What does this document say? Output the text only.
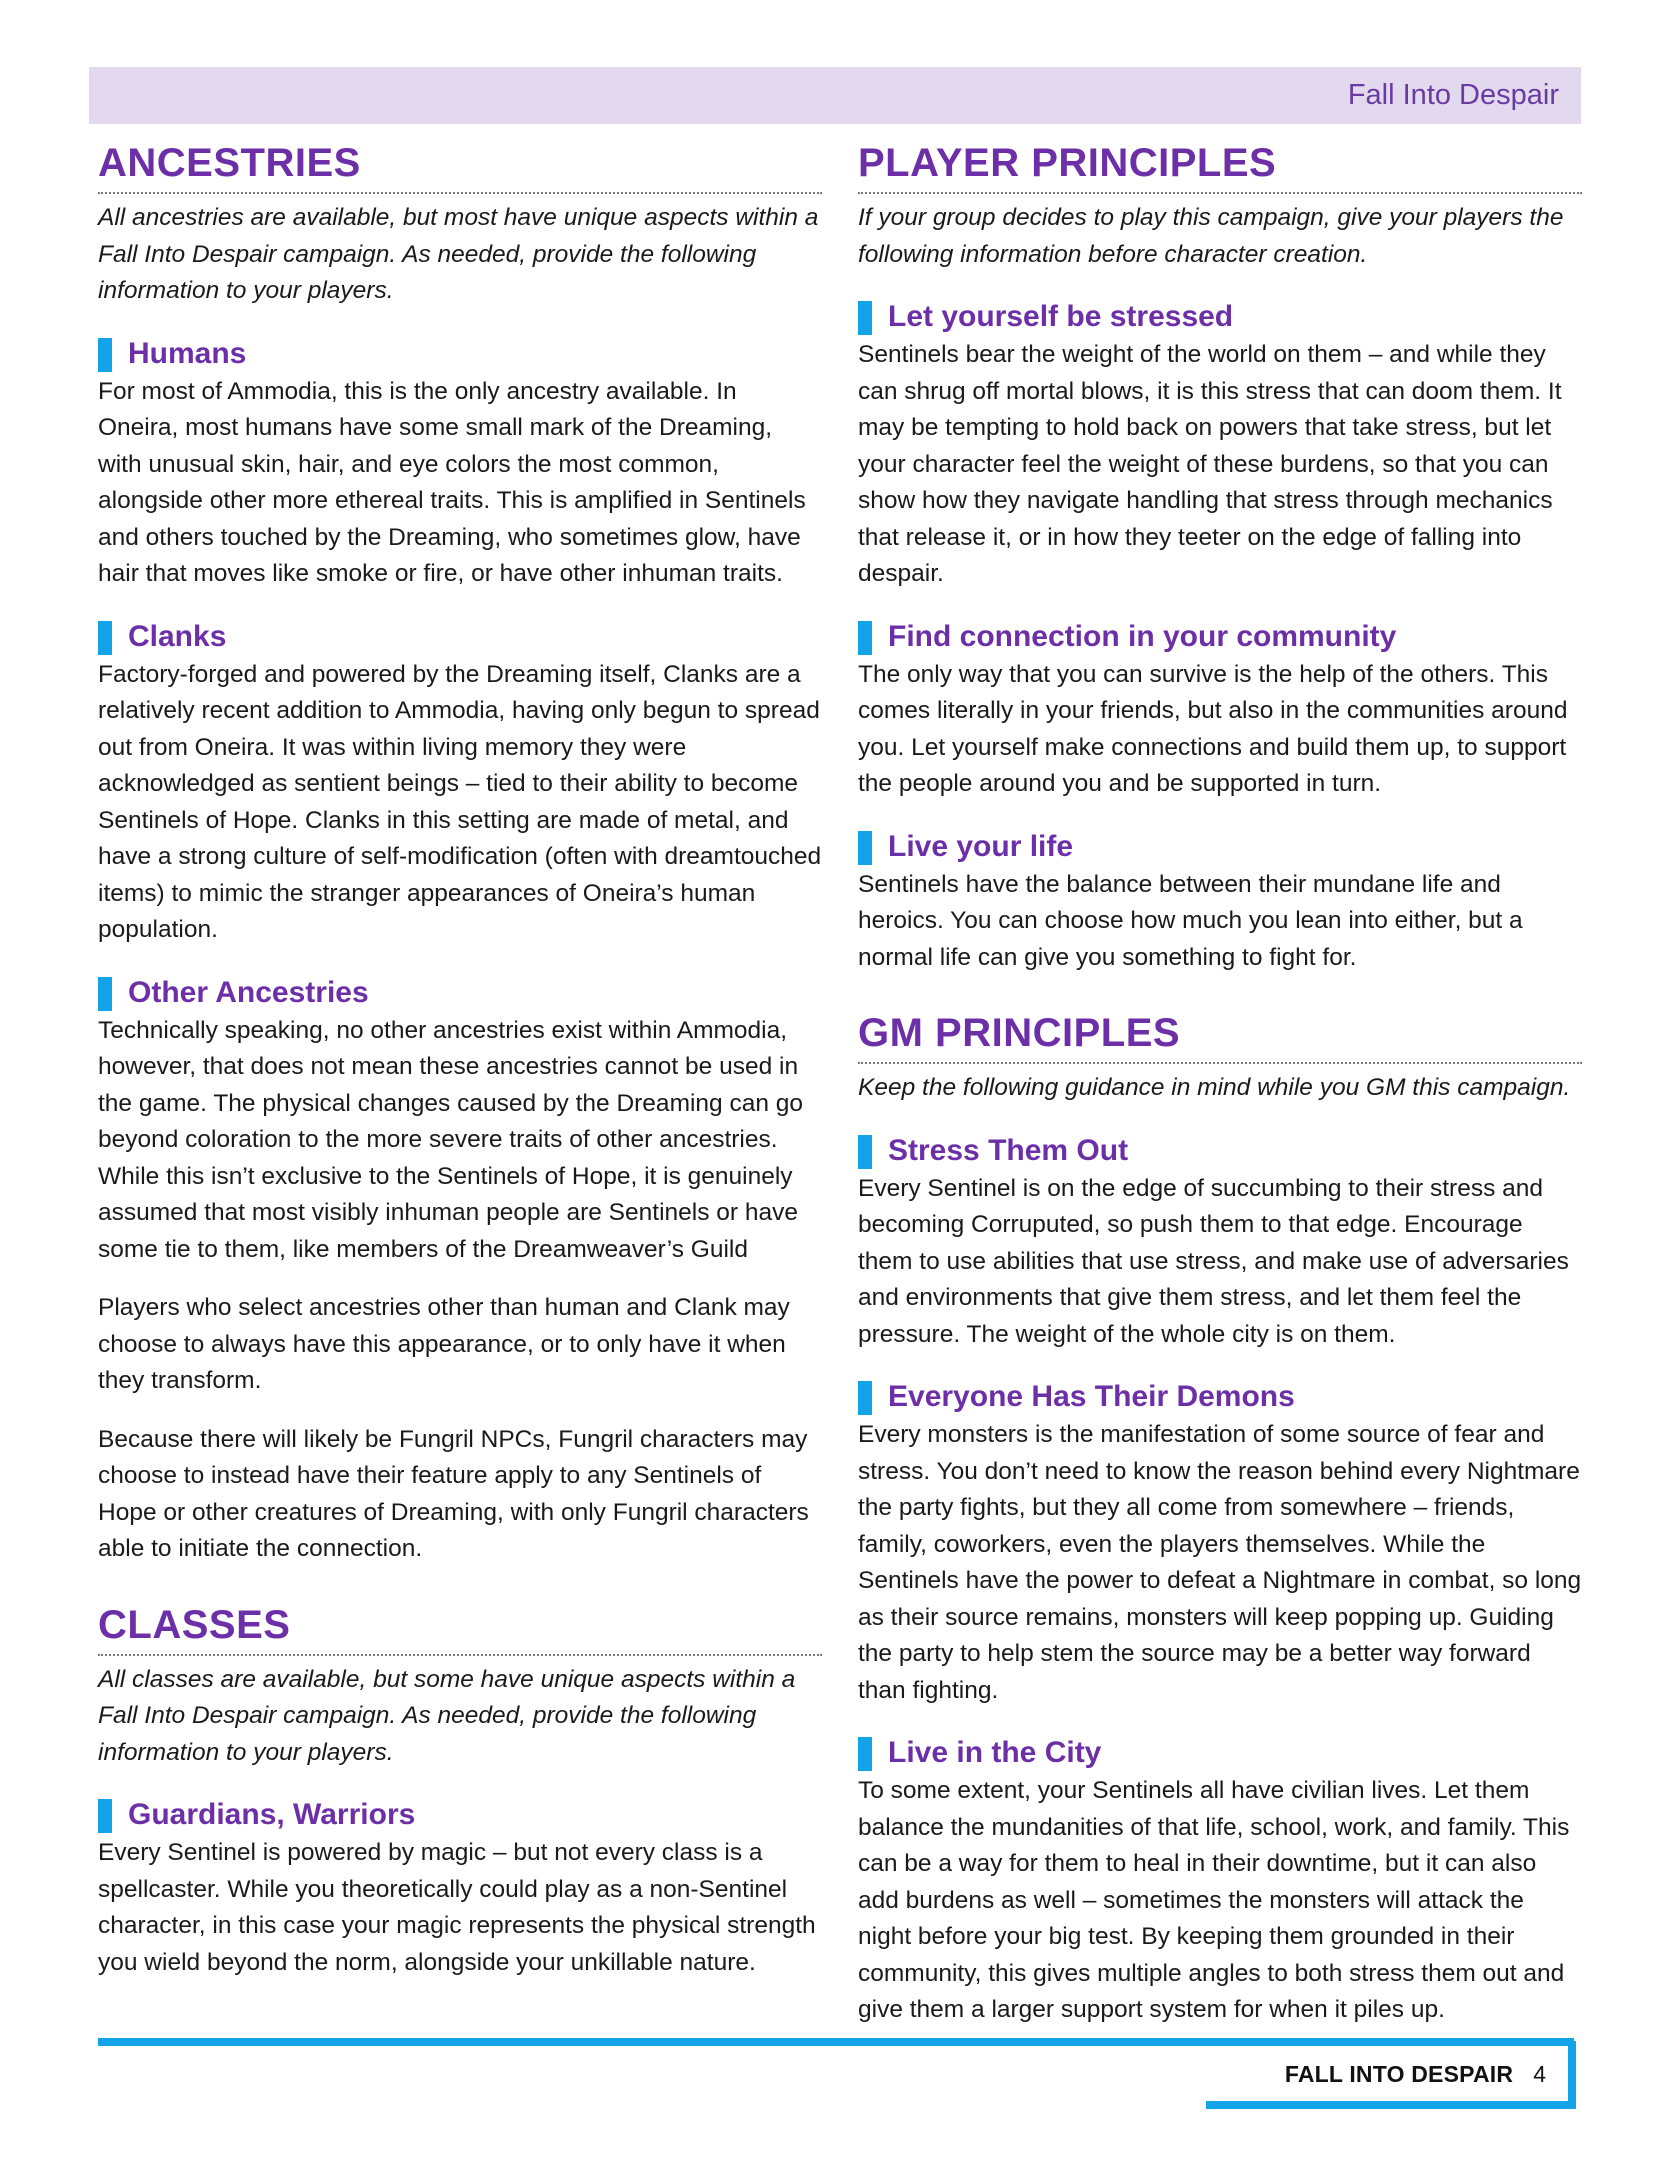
Fall Into Despair
ANCESTRIES
All ancestries are available, but most have unique aspects within a Fall Into Despair campaign. As needed, provide the following information to your players.
Humans
For most of Ammodia, this is the only ancestry available. In Oneira, most humans have some small mark of the Dreaming, with unusual skin, hair, and eye colors the most common, alongside other more ethereal traits. This is amplified in Sentinels and others touched by the Dreaming, who sometimes glow, have hair that moves like smoke or fire, or have other inhuman traits.
Clanks
Factory-forged and powered by the Dreaming itself, Clanks are a relatively recent addition to Ammodia, having only begun to spread out from Oneira. It was within living memory they were acknowledged as sentient beings – tied to their ability to become Sentinels of Hope. Clanks in this setting are made of metal, and have a strong culture of self-modification (often with dreamtouched items) to mimic the stranger appearances of Oneira’s human population.
Other Ancestries
Technically speaking, no other ancestries exist within Ammodia, however, that does not mean these ancestries cannot be used in the game. The physical changes caused by the Dreaming can go beyond coloration to the more severe traits of other ancestries. While this isn’t exclusive to the Sentinels of Hope, it is genuinely assumed that most visibly inhuman people are Sentinels or have some tie to them, like members of the Dreamweaver’s Guild
Players who select ancestries other than human and Clank may choose to always have this appearance, or to only have it when they transform.
Because there will likely be Fungril NPCs, Fungril characters may choose to instead have their feature apply to any Sentinels of Hope or other creatures of Dreaming, with only Fungril characters able to initiate the connection.
CLASSES
All classes are available, but some have unique aspects within a Fall Into Despair campaign. As needed, provide the following information to your players.
Guardians, Warriors
Every Sentinel is powered by magic – but not every class is a spellcaster. While you theoretically could play as a non-Sentinel character, in this case your magic represents the physical strength you wield beyond the norm, alongside your unkillable nature.
PLAYER PRINCIPLES
If your group decides to play this campaign, give your players the following information before character creation.
Let yourself be stressed
Sentinels bear the weight of the world on them – and while they can shrug off mortal blows, it is this stress that can doom them. It may be tempting to hold back on powers that take stress, but let your character feel the weight of these burdens, so that you can show how they navigate handling that stress through mechanics that release it, or in how they teeter on the edge of falling into despair.
Find connection in your community
The only way that you can survive is the help of the others. This comes literally in your friends, but also in the communities around you. Let yourself make connections and build them up, to support the people around you and be supported in turn.
Live your life
Sentinels have the balance between their mundane life and heroics. You can choose how much you lean into either, but a normal life can give you something to fight for.
GM PRINCIPLES
Keep the following guidance in mind while you GM this campaign.
Stress Them Out
Every Sentinel is on the edge of succumbing to their stress and becoming Corruputed, so push them to that edge. Encourage them to use abilities that use stress, and make use of adversaries and environments that give them stress, and let them feel the pressure. The weight of the whole city is on them.
Everyone Has Their Demons
Every monsters is the manifestation of some source of fear and stress. You don’t need to know the reason behind every Nightmare the party fights, but they all come from somewhere – friends, family, coworkers, even the players themselves. While the Sentinels have the power to defeat a Nightmare in combat, so long as their source remains, monsters will keep popping up. Guiding the party to help stem the source may be a better way forward than fighting.
Live in the City
To some extent, your Sentinels all have civilian lives. Let them balance the mundanities of that life, school, work, and family. This can be a way for them to heal in their downtime, but it can also add burdens as well – sometimes the monsters will attack the night before your big test. By keeping them grounded in their community, this gives multiple angles to both stress them out and give them a larger support system for when it piles up.
FALL INTO DESPAIR 4
